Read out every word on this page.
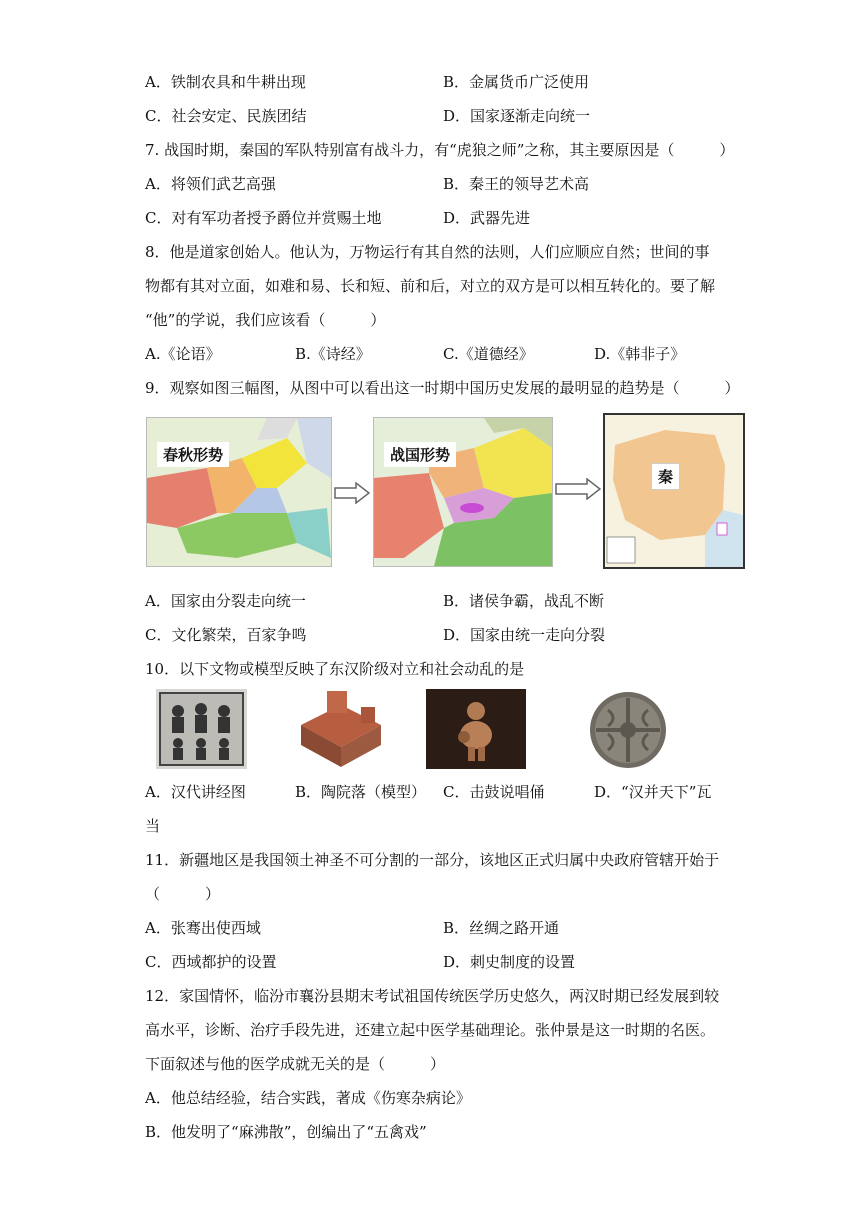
A．铁制农具和牛耕出现	B．金属货币广泛使用
C．社会安定、民族团结	D．国家逐渐走向统一
7. 战国时期，秦国的军队特别富有战斗力，有“虎狼之师”之称，其主要原因是（　　　）
A．将领们武艺高强	B．秦王的领导艺术高
C．对有军功者授予爵位并赏赐土地	D．武器先进
8．他是道家创始人。他认为，万物运行有其自然的法则，人们应顺应自然；世间的事
物都有其对立面，如难和易、长和短、前和后，对立的双方是可以相互转化的。要了解
“他”的学说，我们应该看（　　　）
A.《论语》	B.《诗经》	C.《道德经》	D.《韩非子》
9．观察如图三幅图，从图中可以看出这一时期中国历史发展的最明显的趋势是（　　　）
春秋形势	战国形势
秦
A．国家由分裂走向统一	B．诸侯争霸，战乱不断
C．文化繁荣，百家争鸣	D．国家由统一走向分裂
10．以下文物或模型反映了东汉阶级对立和社会动乱的是
A．汉代讲经图	B．陶院落（模型） C．击鼓说唱俑	D．“汉并天下”瓦
当
11．新疆地区是我国领土神圣不可分割的一部分，该地区正式归属中央政府管辖开始于
（　　　）
A．张骞出使西域	B．丝绸之路开通
C．西域都护的设置	D．刺史制度的设置
12．家国情怀，临汾市襄汾县期末考试祖国传统医学历史悠久，两汉时期已经发展到较
高水平，诊断、治疗手段先进，还建立起中医学基础理论。张仲景是这一时期的名医。
下面叙述与他的医学成就无关的是（　　　）
A．他总结经验，结合实践，著成《伤寒杂病论》
B．他发明了“麻沸散”，创编出了“五禽戏”
